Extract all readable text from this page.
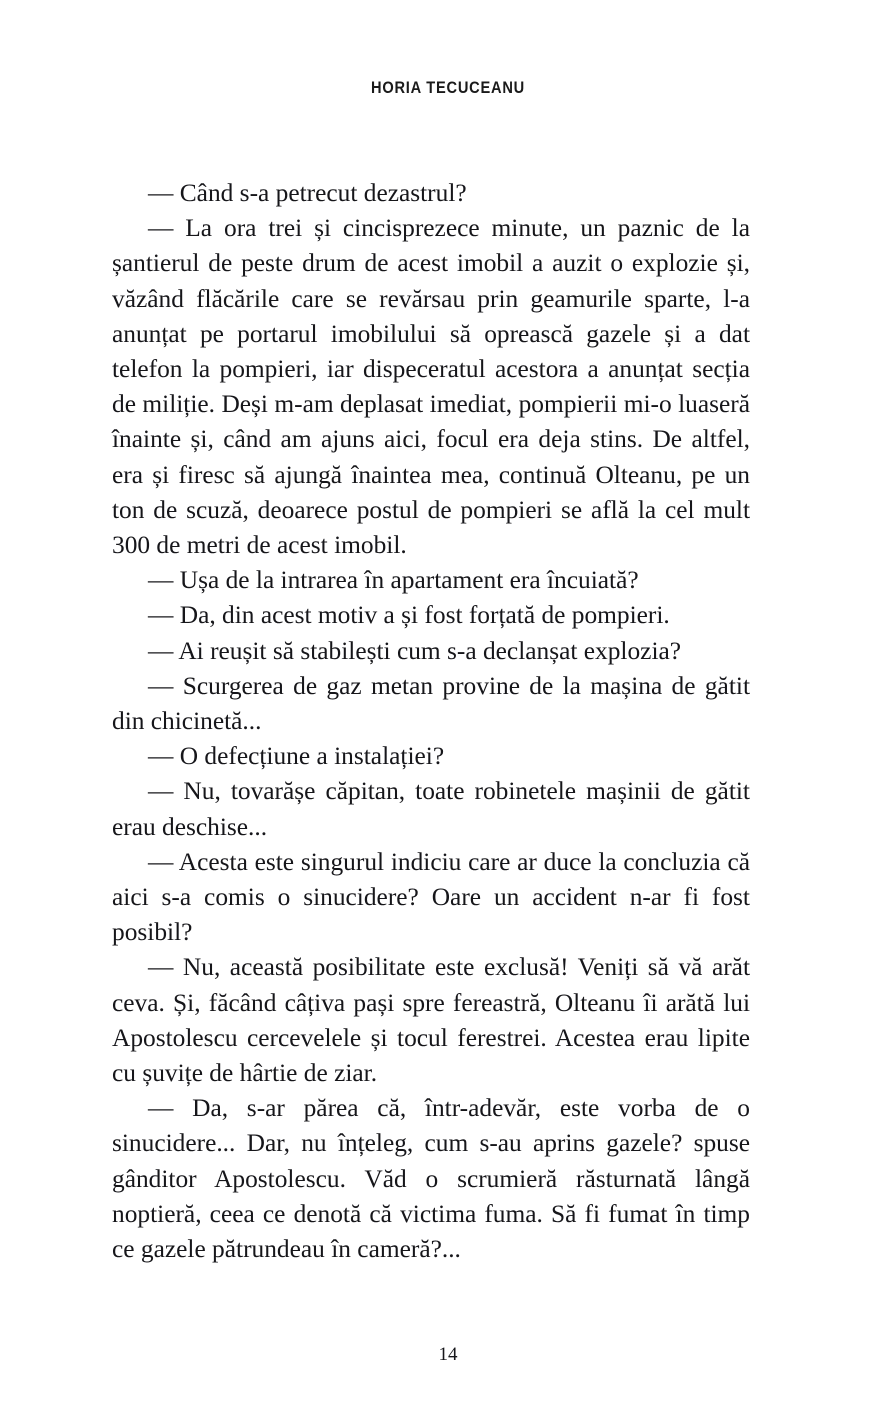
HORIA TECUCEANU

— Când s-a petrecut dezastrul?

— La ora trei și cincisprezece minute, un paznic de la șantierul de peste drum de acest imobil a auzit o explozie și, văzând flăcările care se revărsau prin geamurile sparte, l-a anunțat pe portarul imobilului să oprească gazele și a dat telefon la pompieri, iar dispeceratul acestora a anunțat secția de miliție. Deși m-am deplasat imediat, pompierii mi-o luaseră înainte și, când am ajuns aici, focul era deja stins. De altfel, era și firesc să ajungă înaintea mea, continuă Olteanu, pe un ton de scuză, deoarece postul de pompieri se află la cel mult 300 de metri de acest imobil.

— Ușa de la intrarea în apartament era încuiată?

— Da, din acest motiv a și fost forțată de pompieri.

— Ai reușit să stabilești cum s-a declanșat explozia?

— Scurgerea de gaz metan provine de la mașina de gătit din chicinetă...

— O defecțiune a instalației?

— Nu, tovarășe căpitan, toate robinetele mașinii de gătit erau deschise...

— Acesta este singurul indiciu care ar duce la concluzia că aici s-a comis o sinucidere? Oare un accident n-ar fi fost posibil?

— Nu, această posibilitate este exclusă! Veniți să vă arăt ceva. Și, făcând câțiva pași spre fereastră, Olteanu îi arătă lui Apostolescu cercevelele și tocul ferestrei. Acestea erau lipite cu șuvițe de hârtie de ziar.

— Da, s-ar părea că, într-adevăr, este vorba de o sinucidere... Dar, nu înțeleg, cum s-au aprins gazele? spuse gânditor Apostolescu. Văd o scrumieră răsturnată lângă noptieră, ceea ce denotă că victima fuma. Să fi fumat în timp ce gazele pătrundeau în cameră?...

14
